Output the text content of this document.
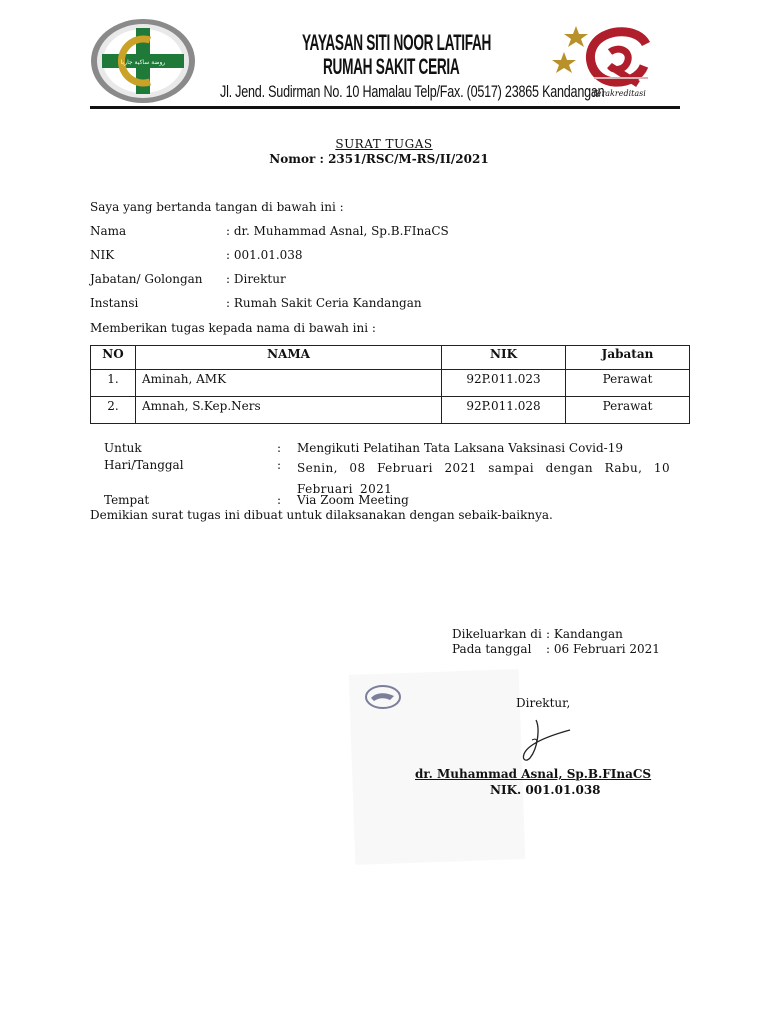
روضة ساكية جاريا
YAYASAN SITI NOOR LATIFAH
RUMAH SAKIT CERIA
Jl. Jend. Sudirman No. 10 Hamalau Telp/Fax. (0517) 23865 Kandangan
Terakreditasi
SURAT TUGAS
Nomor : 2351/RSC/M-RS/II/2021
Saya yang bertanda tangan di bawah ini :
Nama	: dr. Muhammad Asnal, Sp.B.FInaCS
NIK	: 001.01.038
Jabatan/ Golongan : Direktur
Instansi	: Rumah Sakit Ceria Kandangan
Memberikan tugas kepada nama di bawah ini :
NO	NAMA	NIK	Jabatan
1.	Aminah, AMK	92P.011.023	Perawat
2.	Amnah, S.Kep.Ners	92P.011.028	Perawat
Untuk	: Mengikuti Pelatihan Tata Laksana Vaksinasi Covid-19
Hari/Tanggal	: Senin, 08 Februari 2021 sampai dengan Rabu, 10 Februari 2021
Tempat	: Via Zoom Meeting
Demikian surat tugas ini dibuat untuk dilaksanakan dengan sebaik-baiknya.
Dikeluarkan di : Kandangan
Pada tanggal : 06 Februari 2021
Direktur,
dr. Muhammad Asnal, Sp.B.FInaCS
NIK. 001.01.038
